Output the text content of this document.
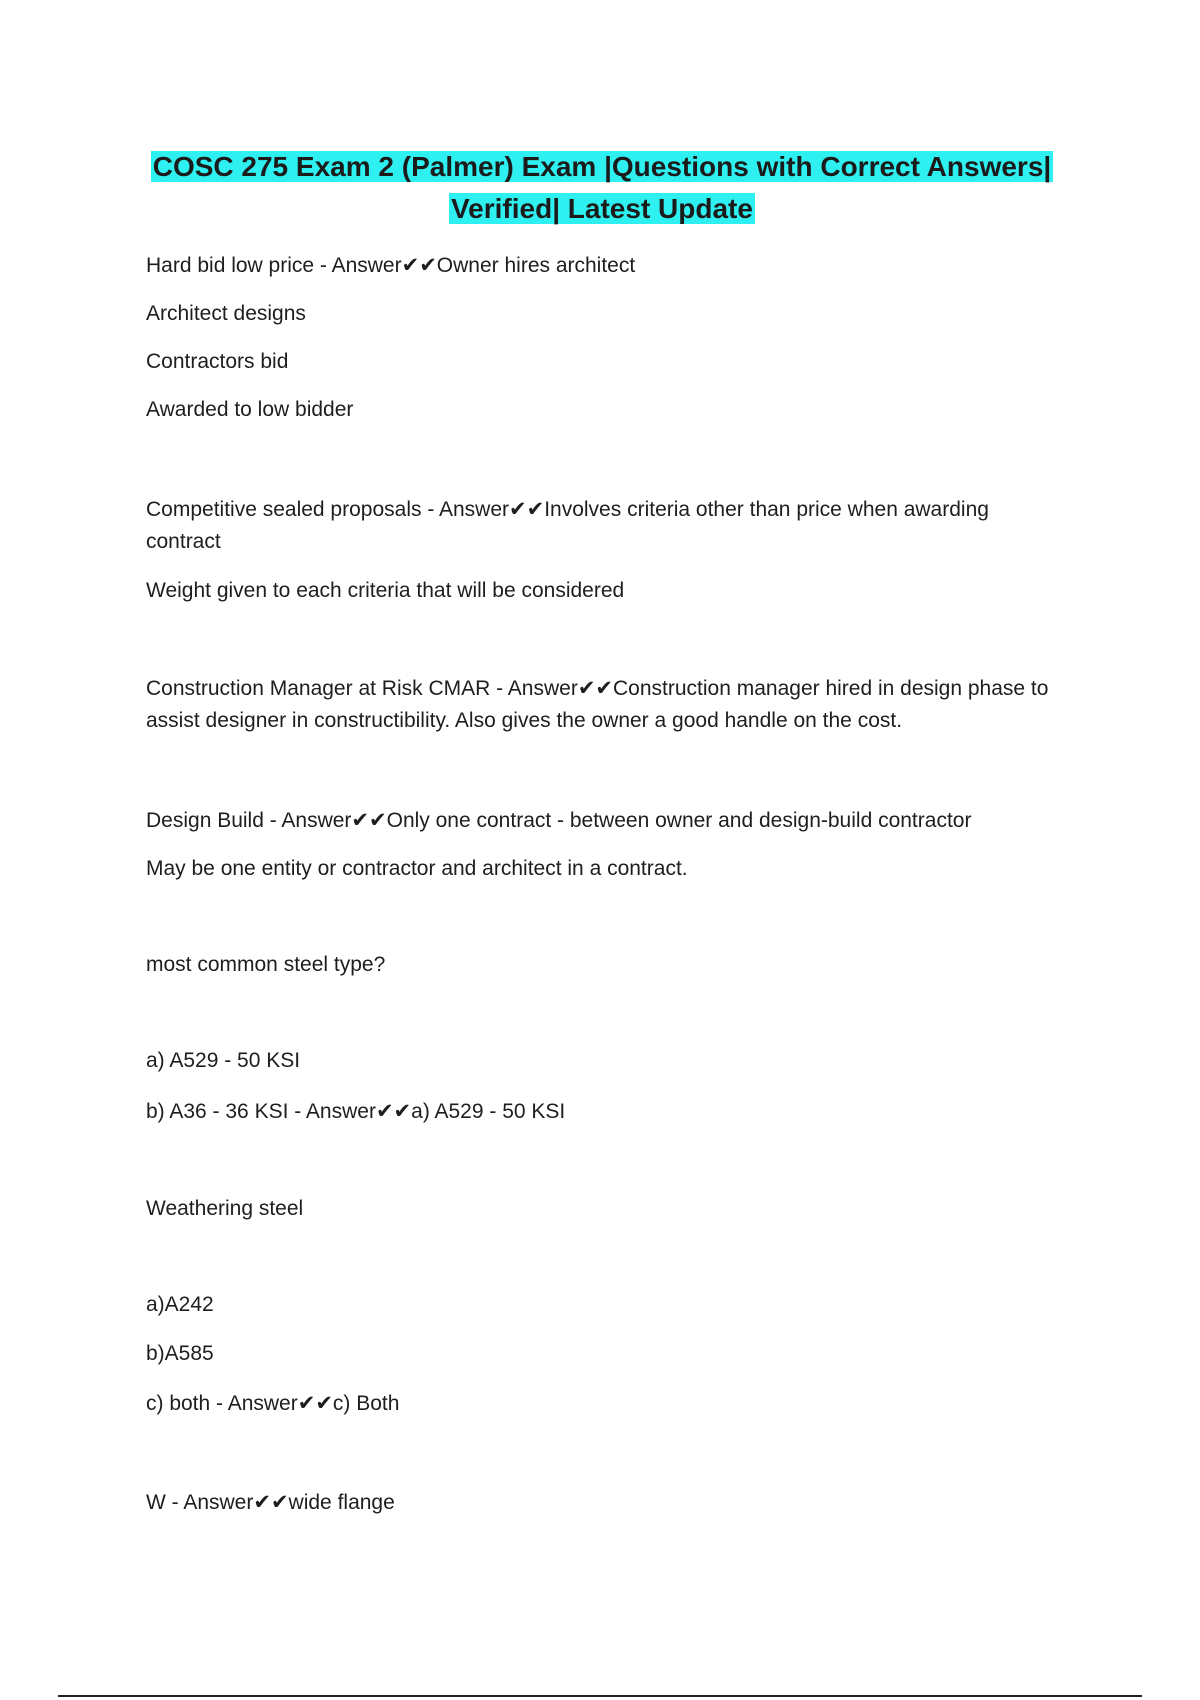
COSC 275 Exam 2 (Palmer) Exam |Questions with Correct Answers|
Verified| Latest Update

Hard bid low price - Answer✔✔Owner hires architect

Architect designs

Contractors bid

Awarded to low bidder

Competitive sealed proposals - Answer✔✔Involves criteria other than price when awarding contract

Weight given to each criteria that will be considered

Construction Manager at Risk CMAR - Answer✔✔Construction manager hired in design phase to assist designer in constructibility. Also gives the owner a good handle on the cost.

Design Build - Answer✔✔Only one contract - between owner and design-build contractor

May be one entity or contractor and architect in a contract.

most common steel type?

a) A529 - 50 KSI

b) A36 - 36 KSI - Answer✔✔a) A529 - 50 KSI

Weathering steel

a)A242

b)A585

c) both - Answer✔✔c) Both

W - Answer✔✔wide flange
